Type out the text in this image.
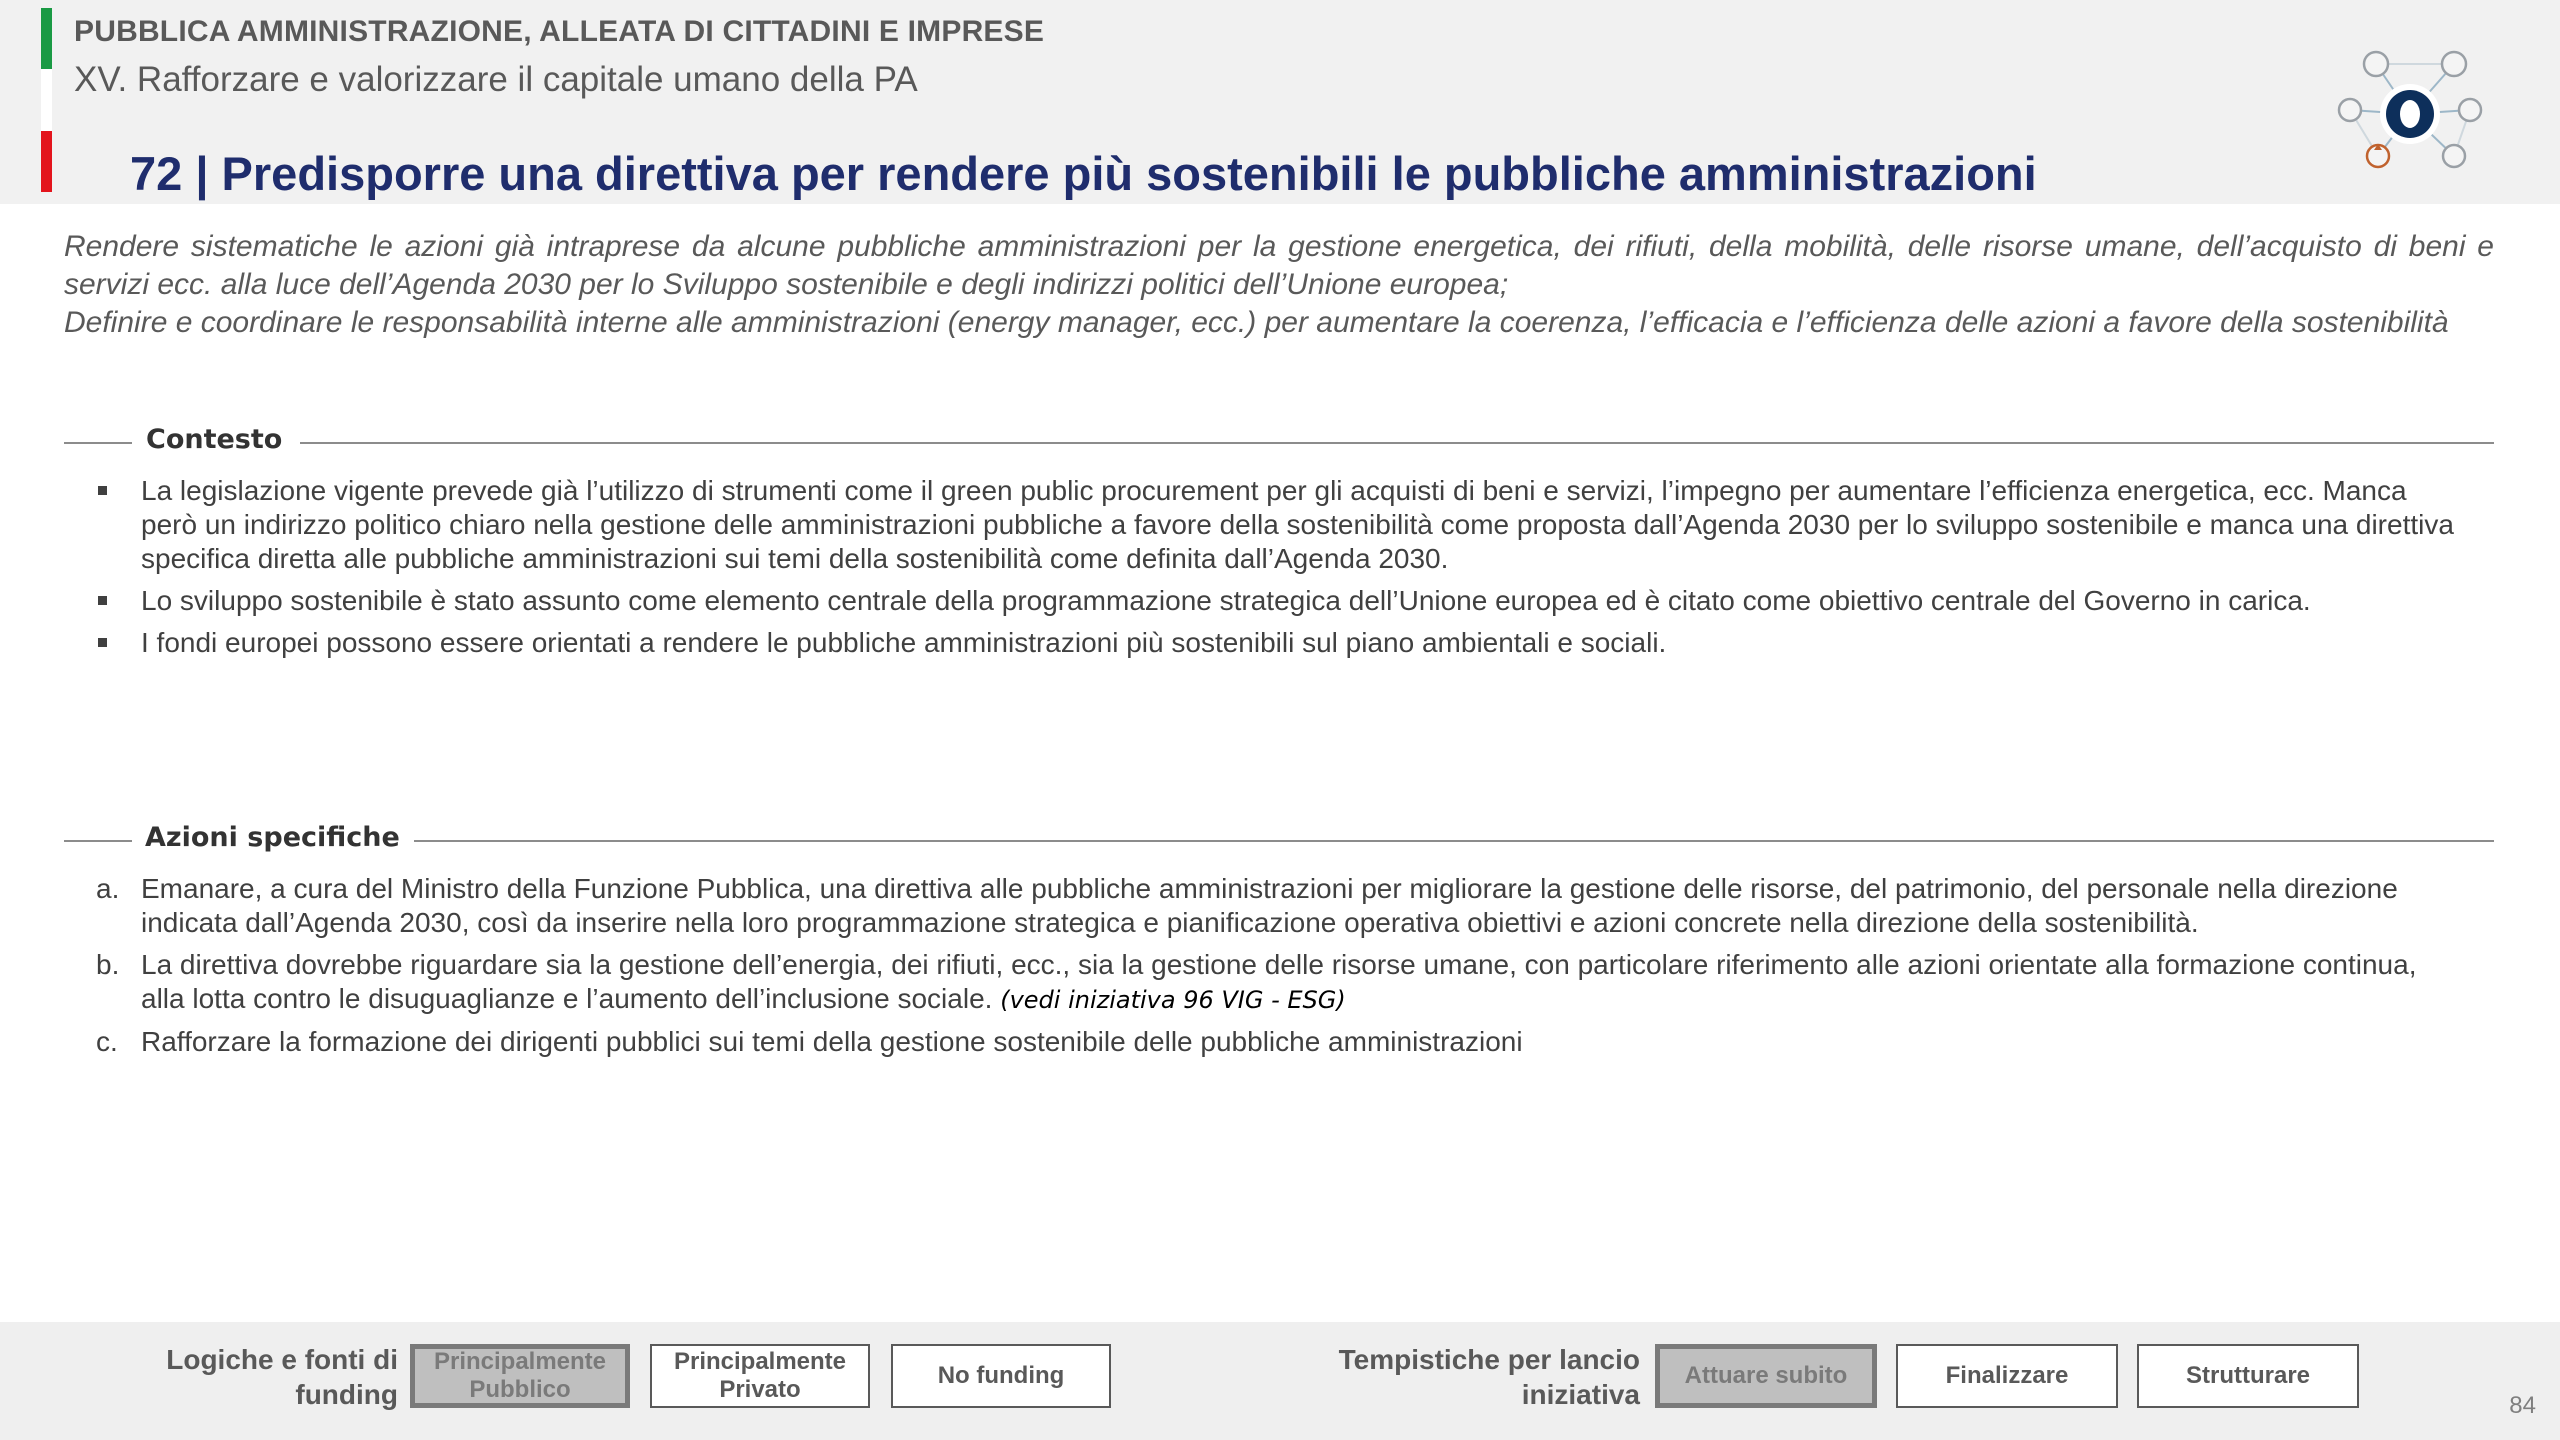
PUBBLICA AMMINISTRAZIONE, ALLEATA DI CITTADINI E IMPRESE
XV. Rafforzare e valorizzare il capitale umano della PA
72 | Predisporre una direttiva per rendere più sostenibili le pubbliche amministrazioni

Rendere sistematiche le azioni già intraprese da alcune pubbliche amministrazioni per la gestione energetica, dei rifiuti, della mobilità, delle risorse umane, dell’acquisto di beni e servizi ecc. alla luce dell’Agenda 2030 per lo Sviluppo sostenibile e degli indirizzi politici dell’Unione europea;

Definire e coordinare le responsabilità interne alle amministrazioni (energy manager, ecc.) per aumentare la coerenza, l’efficacia e l’efficienza delle azioni a favore della sostenibilità

Contesto
La legislazione vigente prevede già l’utilizzo di strumenti come il green public procurement per gli acquisti di beni e servizi, l’impegno per aumentare l’efficienza energetica, ecc. Manca però un indirizzo politico chiaro nella gestione delle amministrazioni pubbliche a favore della sostenibilità come proposta dall’Agenda 2030 per lo sviluppo sostenibile e manca una direttiva specifica diretta alle pubbliche amministrazioni sui temi della sostenibilità come definita dall’Agenda 2030.
Lo sviluppo sostenibile è stato assunto come elemento centrale della programmazione strategica dell’Unione europea ed è citato come obiettivo centrale del Governo in carica.
I fondi europei possono essere orientati a rendere le pubbliche amministrazioni più sostenibili sul piano ambientali e sociali.
Azioni specifiche
a. Emanare, a cura del Ministro della Funzione Pubblica, una direttiva alle pubbliche amministrazioni per migliorare la gestione delle risorse, del patrimonio, del personale nella direzione indicata dall’Agenda 2030, così da inserire nella loro programmazione strategica e pianificazione operativa obiettivi e azioni concrete nella direzione della sostenibilità.
b. La direttiva dovrebbe riguardare sia la gestione dell’energia, dei rifiuti, ecc., sia la gestione delle risorse umane, con particolare riferimento alle azioni orientate alla formazione continua, alla lotta contro le disuguaglianze e l’aumento dell’inclusione sociale. (vedi iniziativa 96 VIG - ESG)
c. Rafforzare la formazione dei dirigenti pubblici sui temi della gestione sostenibile delle pubbliche amministrazioni
Logiche e fonti di funding
Principalmente Pubblico
Principalmente Privato
No funding
Tempistiche per lancio iniziativa
Attuare subito	Finalizzare	Strutturare
84
